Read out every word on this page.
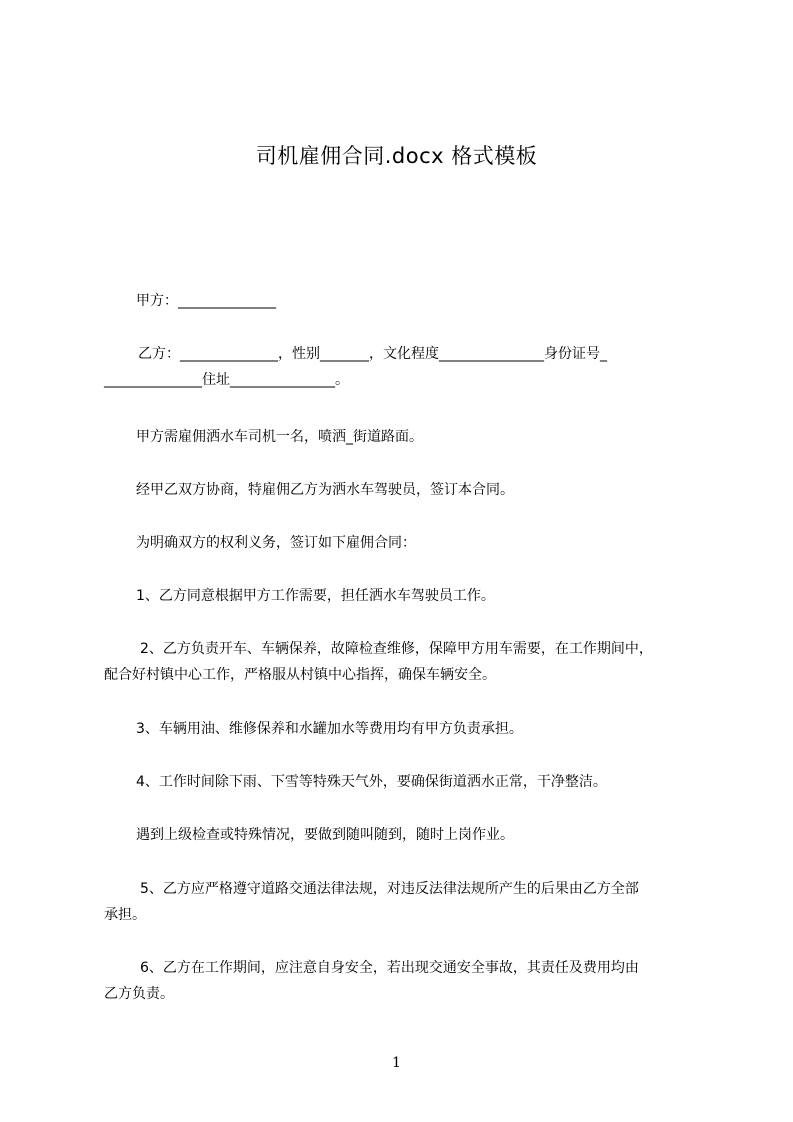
司机雇佣合同.docx 格式模板
甲方：______________
乙方：______________，性别_______，文化程度_______________身份证号_
______________住址_______________。
甲方需雇佣洒水车司机一名，喷洒_街道路面。
经甲乙双方协商，特雇佣乙方为洒水车驾驶员，签订本合同。
为明确双方的权利义务，签订如下雇佣合同：
1、乙方同意根据甲方工作需要，担任洒水车驾驶员工作。
2、乙方负责开车、车辆保养，故障检查维修，保障甲方用车需要，在工作期间中，
配合好村镇中心工作，严格服从村镇中心指挥，确保车辆安全。
3、车辆用油、维修保养和水罐加水等费用均有甲方负责承担。
4、工作时间除下雨、下雪等特殊天气外，要确保街道洒水正常，干净整洁。
遇到上级检查或特殊情况，要做到随叫随到，随时上岗作业。
5、乙方应严格遵守道路交通法律法规，对违反法律法规所产生的后果由乙方全部
承担。
6、乙方在工作期间，应注意自身安全，若出现交通安全事故，其责任及费用均由
乙方负责。
1
